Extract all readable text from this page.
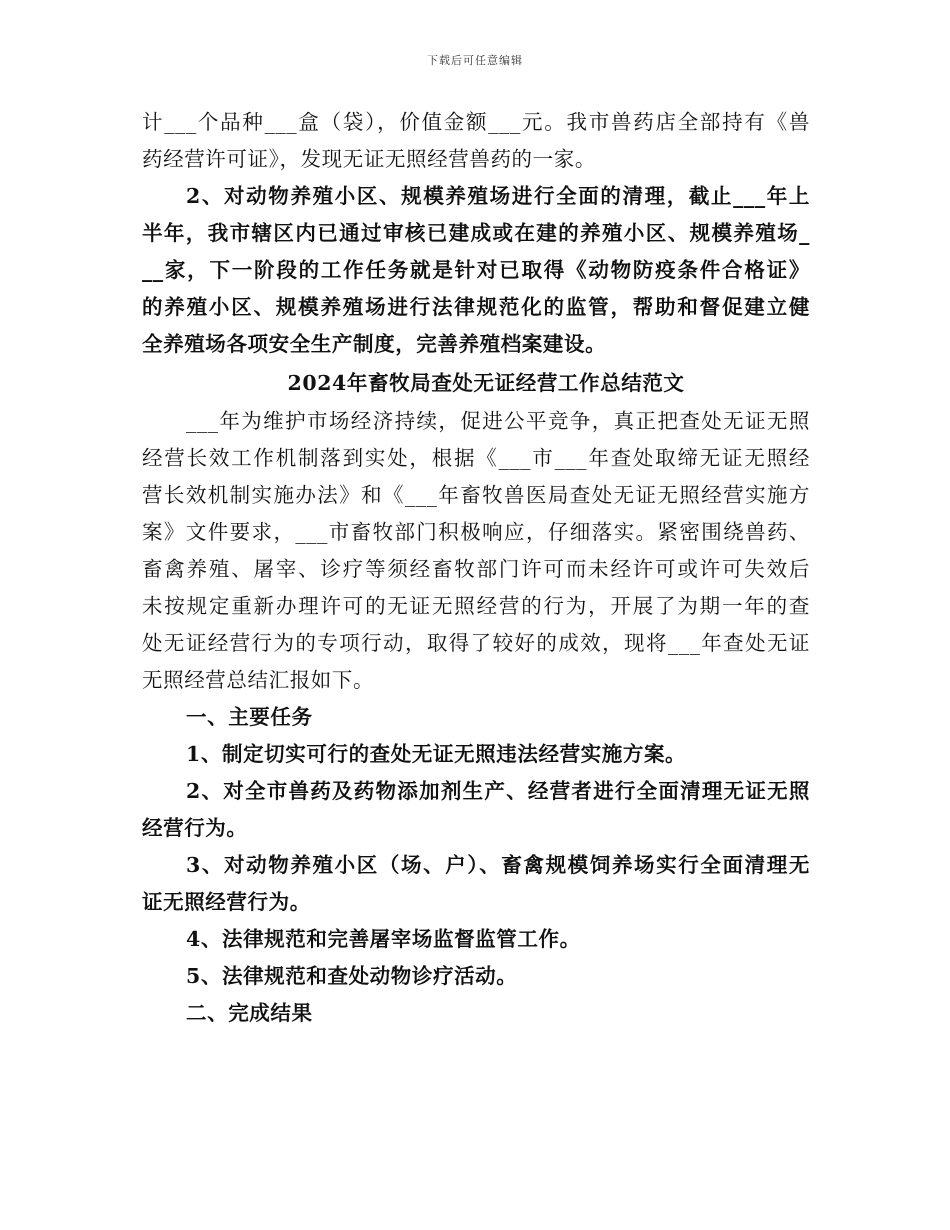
下载后可任意编辑
计___个品种___盒（袋），价值金额___元。我市兽药店全部持有《兽
药经营许可证》，发现无证无照经营兽药的一家。
2、对动物养殖小区、规模养殖场进行全面的清理，截止___年上
半年，我市辖区内已通过审核已建成或在建的养殖小区、规模养殖场_
__家，下一阶段的工作任务就是针对已取得《动物防疫条件合格证》
的养殖小区、规模养殖场进行法律规范化的监管，帮助和督促建立健
全养殖场各项安全生产制度，完善养殖档案建设。
2024年畜牧局查处无证经营工作总结范文
___年为维护市场经济持续，促进公平竞争，真正把查处无证无照
经营长效工作机制落到实处，根据《___市___年查处取缔无证无照经
营长效机制实施办法》和《___年畜牧兽医局查处无证无照经营实施方
案》文件要求，___市畜牧部门积极响应，仔细落实。紧密围绕兽药、
畜禽养殖、屠宰、诊疗等须经畜牧部门许可而未经许可或许可失效后
未按规定重新办理许可的无证无照经营的行为，开展了为期一年的查
处无证经营行为的专项行动，取得了较好的成效，现将___年查处无证
无照经营总结汇报如下。
一、主要任务
1、制定切实可行的查处无证无照违法经营实施方案。
2、对全市兽药及药物添加剂生产、经营者进行全面清理无证无照
经营行为。
3、对动物养殖小区（场、户）、畜禽规模饲养场实行全面清理无
证无照经营行为。
4、法律规范和完善屠宰场监督监管工作。
5、法律规范和查处动物诊疗活动。
二、完成结果
